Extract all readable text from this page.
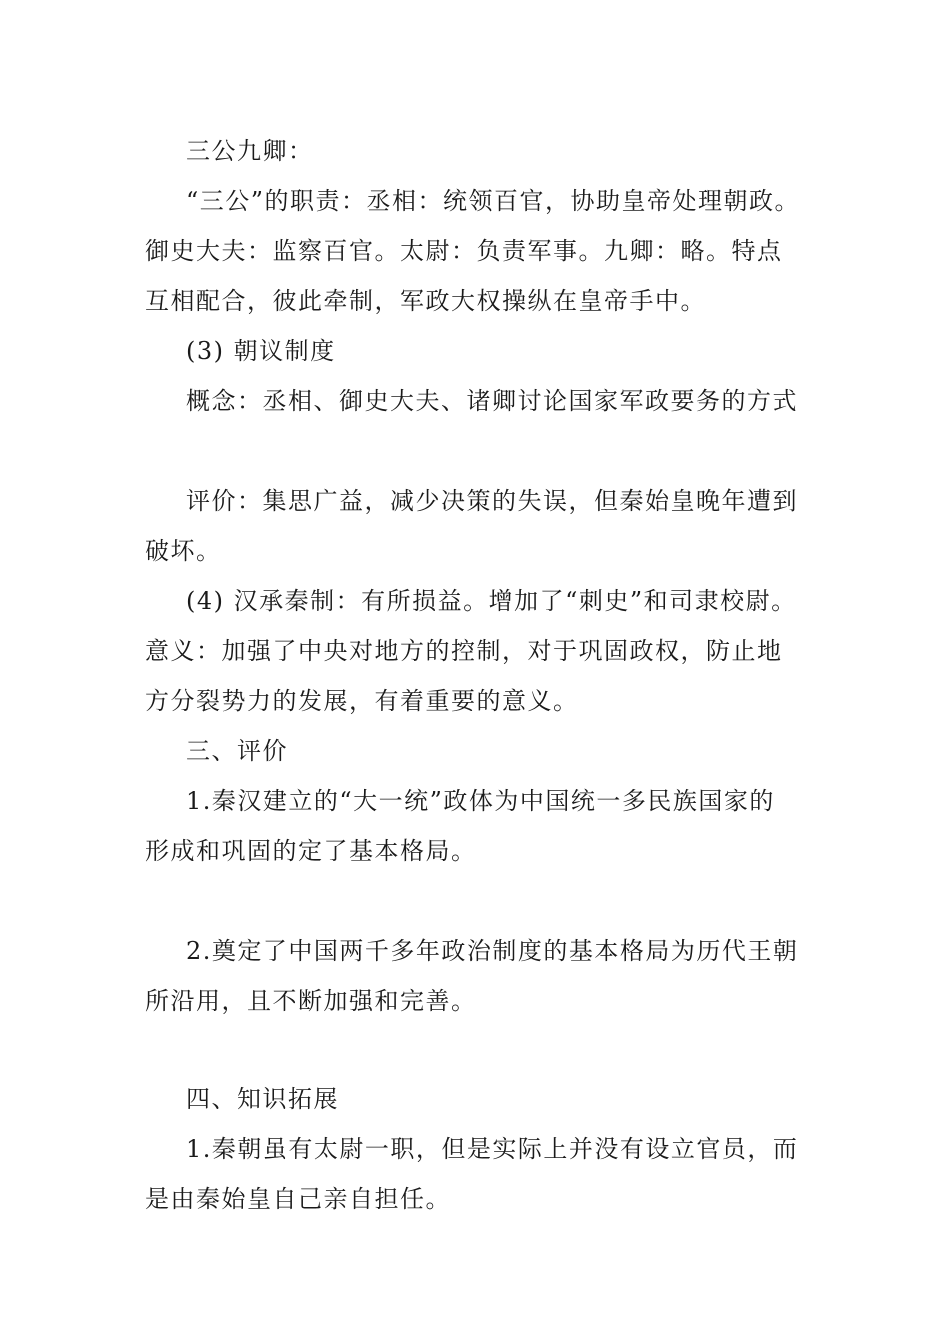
三公九卿：
“三公”的职责：丞相：统领百官，协助皇帝处理朝政。
御史大夫：监察百官。太尉：负责军事。九卿：略。特点
互相配合，彼此牵制，军政大权操纵在皇帝手中。
(3) 朝议制度
概念：丞相、御史大夫、诸卿讨论国家军政要务的方式
评价：集思广益，减少决策的失误，但秦始皇晚年遭到
破坏。
(4) 汉承秦制：有所损益。增加了“刺史”和司隶校尉。
意义：加强了中央对地方的控制，对于巩固政权，防止地
方分裂势力的发展，有着重要的意义。
三、评价
1.秦汉建立的“大一统”政体为中国统一多民族国家的
形成和巩固的定了基本格局。
2.奠定了中国两千多年政治制度的基本格局为历代王朝
所沿用，且不断加强和完善。
四、知识拓展
1.秦朝虽有太尉一职，但是实际上并没有设立官员，而
是由秦始皇自己亲自担任。
